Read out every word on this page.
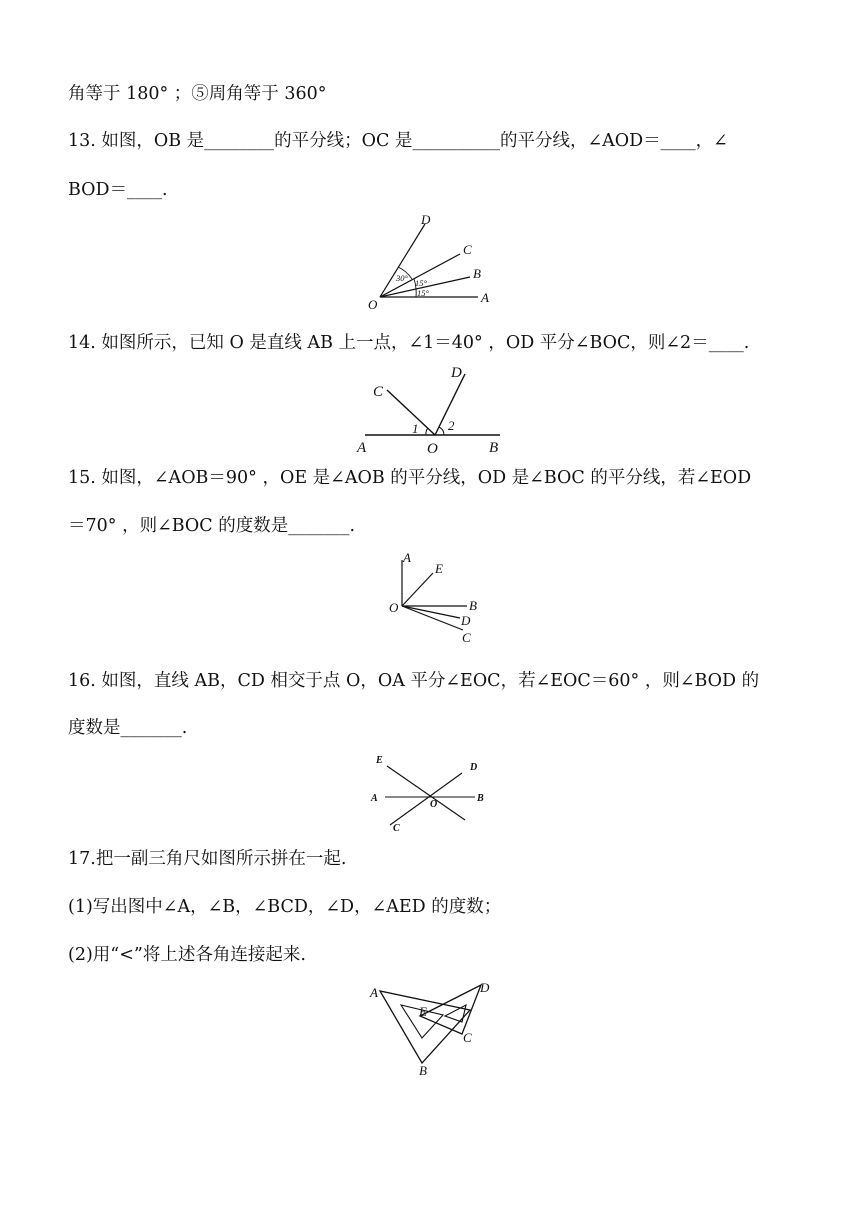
角等于 180° ；⑤周角等于 360°
13. 如图，OB 是________的平分线；OC 是__________的平分线，∠AOD＝____，∠
BOD＝____.
D
C
B
O	A
30° 15°
15°
14. 如图所示，已知 O 是直线 AB 上一点，∠1＝40° ，OD 平分∠BOC，则∠2＝____.
C
D
A	O	B
1 2
15. 如图，∠AOB＝90° ，OE 是∠AOB 的平分线，OD 是∠BOC 的平分线，若∠EOD
＝70° ，则∠BOC 的度数是_______.
A
E
O	B
D
C
16. 如图，直线 AB，CD 相交于点 O，OA 平分∠EOC，若∠EOC＝60° ，则∠BOD 的
度数是_______.
E
D
A
O
B
C
17.把一副三角尺如图所示拼在一起.
(1)写出图中∠A，∠B，∠BCD，∠D，∠AED 的度数；
(2)用“<”将上述各角连接起来.
A	D
E
C
B
